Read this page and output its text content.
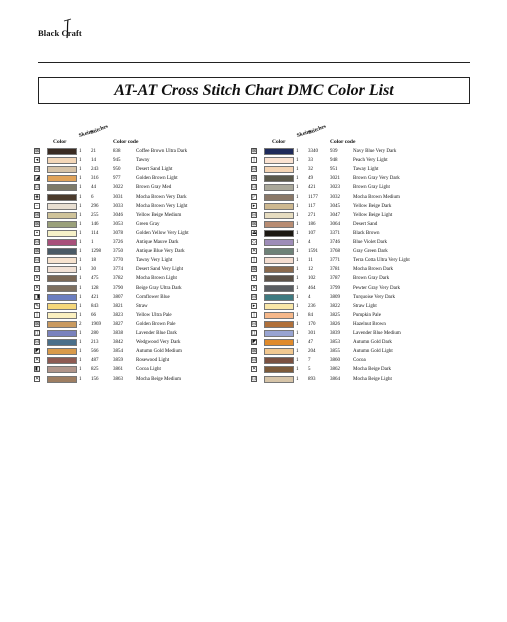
Black Craft
AT-AT Cross Stitch Chart DMC Color List
Color
Skeins
Stitches
Color code	Color
Skeins
Stitches
Color code
⊠	1 21	838	Coffee Brown Ultra Dark
◂	1 14	945	Tawny
⊟	1 243	950	Desert Sand Light
◪	1 316	977	Golden Brown Light
⊡	1 44	3022	Brown Gray Med
◈	1 6	3031	Mocha Brown Very Dark
–	1 296	3033	Mocha Brown Very Light
⊞	1 255	3046	Yellow Beige Medium
⊠	1 146	3053	Green Gray
▪	1 114	3078	Golden Yellow Very Light
⊟	1 1	3726	Antique Mauve Dark
⊠	1 1298 3750	Antique Blue Very Dark
⊟	1 18	3770	Tawny Very Light
⊡	1 30	3774	Desert Sand Very Light
✕	1 475	3782	Mocha Brown Light
✕	1 128	3790	Beige Gray Ultra Dark
◨	1 421	3807	Cornflower Blue
✎	1 843	3821	Straw
│	1 66	3823	Yellow Ultra Pale
⊠	2 1969 3827	Golden Brown Pale
◫	1 280	3838	Lavender Blue Dark
⊟	1 213	3842	Wedgwood Very Dark
◩	1 566	3854	Autumn Gold Medium
✕	1 487	3859	Rosewood Light
◧	1 825	3861	Cocoa Light
✕	1 156	3863	Mocha Beige Medium
⊠	1 3340 939	Navy Blue Very Dark
│	1 33	948	Peach Very Light
⊟	1 32	951	Taway Light
⊠	1 49	3021	Brown Gray Very Dark
⊡	1 421	3023	Brown Gray Light
◸	1 1177 3032	Mocha Brown Medium
▸	1 117	3045	Yellow Beige Dark
⊟	1 271	3047	Yellow Beige Light
⊠	1 186	3064	Desert Sand
⏏	1 107	3371	Black Brown
◇	1 4	3746	Blue Violet Dark
✕	1 1591 3768	Gray Green Dark
│	1 11	3771	Terra Cotta Ultra Very Light
⊠	1 12	3781	Mocha Brown Dark
✕	1 102	3787	Brown Gray Dark
✕	1 464	3799	Pewter Gray Very Dark
⊟	1 4	3809	Turquoise Very Dark
▸	1 236	3822	Straw Light
│	1 84	3825	Pumpkin Pale
⊟	1 170	3826	Hazelnut Brown
◫	1 301	3839	Lavender Blue Medium
◩	1 47	3853	Autumn Gold Dark
⊠	1 204	3855	Autumn Gold Light
⊟	1 7	3860	Cocoa
✕	1 5	3862	Mocha Beige Dark
⊡	1 893	3864	Mocha Beige Light
